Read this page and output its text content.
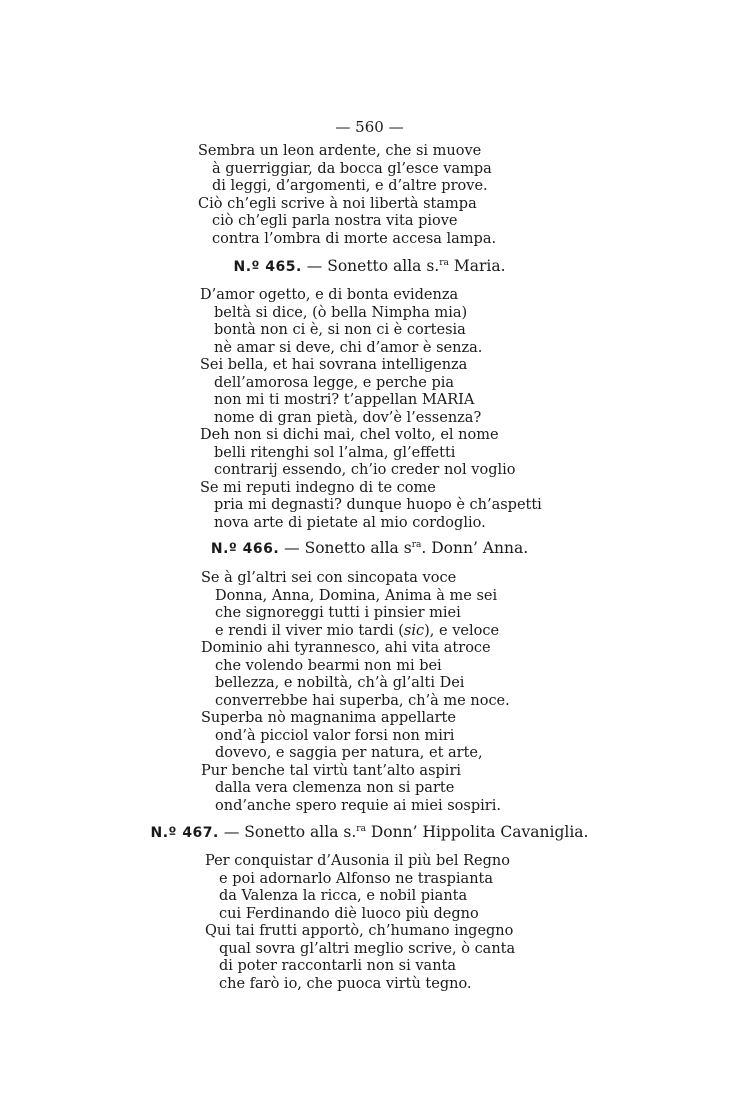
— 560 —
Sembra un leon ardente, che si muove
à guerriggiar, da bocca gl’esce vampa
di leggi, d’argomenti, e d’altre prove.
Ciò ch’egli scrive à noi libertà stampa
ciò ch’egli parla nostra vita piove
contra l’ombra di morte accesa lampa.
N.º 465. — Sonetto alla s.$^{ra}$ Maria.
D’amor ogetto, e di bonta evidenza
beltà si dice, (ò bella Nimpha mia)
bontà non ci è, si non ci è cortesia
nè amar si deve, chi d’amor è senza.
Sei bella, et hai sovrana intelligenza
dell’amorosa legge, e perche pia
non mi ti mostri? t’appellan MARIA
nome di gran pietà, dov’è l’essenza?
Deh non si dichi mai, chel volto, el nome
belli ritenghi sol l’alma, gl’effetti
contrarij essendo, ch’io creder nol voglio
Se mi reputi indegno di te come
pria mi degnasti? dunque huopo è ch’aspetti
nova arte di pietate al mio cordoglio.
N.º 466. — Sonetto alla $s^{ra}$. Donn’ Anna.
Se à gl’altri sei con sincopata voce
Donna, Anna, Domina, Anima à me sei
che signoreggi tutti i pinsier miei
e rendi il viver mio tardi (sic), e veloce
Dominio ahi tyrannesco, ahi vita atroce
che volendo bearmi non mi bei
bellezza, e nobiltà, ch’à gl’alti Dei
converrebbe hai superba, ch’à me noce.
Superba nò magnanima appellarte
ond’à picciol valor forsi non miri
dovevo, e saggia per natura, et arte,
Pur benche tal virtù tant’alto aspiri
dalla vera clemenza non si parte
ond’anche spero requie ai miei sospiri.
N.º 467. — Sonetto alla s.$^{ra}$ Donn’ Hippolita Cavaniglia.
Per conquistar d’Ausonia il più bel Regno
e poi adornarlo Alfonso ne traspianta
da Valenza la ricca, e nobil pianta
cui Ferdinando diè luoco più degno
Qui tai frutti apportò, ch’humano ingegno
qual sovra gl’altri meglio scrive, ò canta
di poter raccontarli non si vanta
che farò io, che puoca virtù tegno.
